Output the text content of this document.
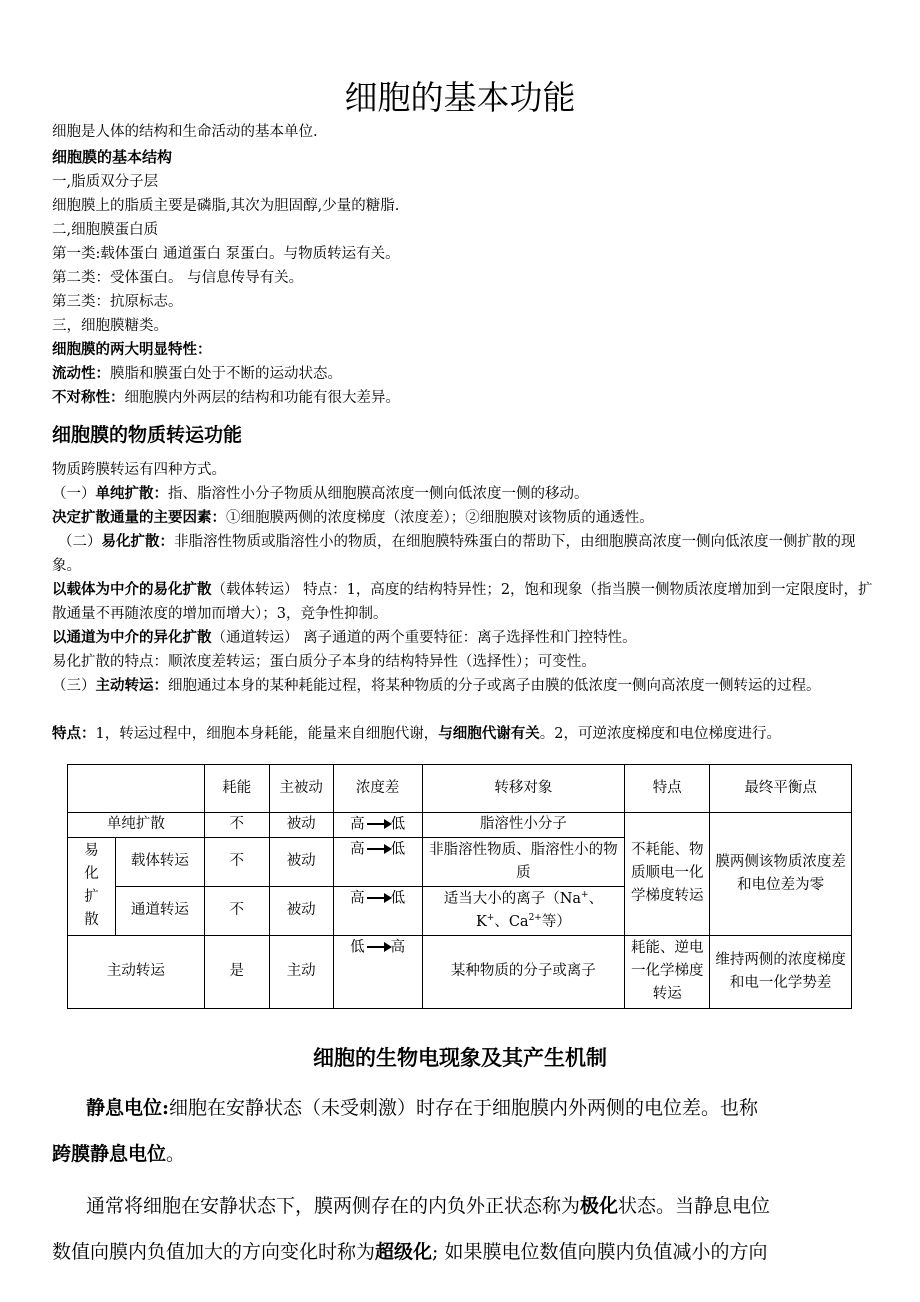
细胞的基本功能
细胞是人体的结构和生命活动的基本单位.
细胞膜的基本结构
一,脂质双分子层
细胞膜上的脂质主要是磷脂,其次为胆固醇,少量的糖脂.
二,细胞膜蛋白质
第一类:载体蛋白 通道蛋白 泵蛋白。与物质转运有关。
第二类：受体蛋白。 与信息传导有关。
第三类：抗原标志。
三，细胞膜糖类。
细胞膜的两大明显特性：
流动性：膜脂和膜蛋白处于不断的运动状态。
不对称性：细胞膜内外两层的结构和功能有很大差异。
细胞膜的物质转运功能
物质跨膜转运有四种方式。
（一）单纯扩散：指、脂溶性小分子物质从细胞膜高浓度一侧向低浓度一侧的移动。
决定扩散通量的主要因素：①细胞膜两侧的浓度梯度（浓度差）；②细胞膜对该物质的通透性。
（二）易化扩散：非脂溶性物质或脂溶性小的物质，在细胞膜特殊蛋白的帮助下，由细胞膜高浓度一侧向低浓度一侧扩散的现象。
以载体为中介的易化扩散（载体转运） 特点：1，高度的结构特异性；2，饱和现象（指当膜一侧物质浓度增加到一定限度时，扩散通量不再随浓度的增加而增大）；3，竞争性抑制。
以通道为中介的异化扩散（通道转运） 离子通道的两个重要特征：离子选择性和门控特性。
易化扩散的特点：顺浓度差转运；蛋白质分子本身的结构特异性（选择性）；可变性。
（三）主动转运：细胞通过本身的某种耗能过程，将某种物质的分子或离子由膜的低浓度一侧向高浓度一侧转运的过程。
特点：1，转运过程中，细胞本身耗能，能量来自细胞代谢，与细胞代谢有关。2，可逆浓度梯度和电位梯度进行。
		耗能	主被动	浓度差	转移对象	特点	最终平衡点
单纯扩散		不	被动	高 低	脂溶性小分子	不耗能、物质顺电一化学梯度转运	膜两侧该物质浓度差和电位差为零
易化扩散	载体转运	不	被动	高 低	非脂溶性物质、脂溶性小的物质		
	通道转运	不	被动	高 低	适当大小的离子（Na+、
K+、$Ca^{2+}$等）		
主动转运		是	主动	低 高	某种物质的分子或离子	耗能、逆电一化学梯度转运	维持两侧的浓度梯度和电一化学势差
细胞的生物电现象及其产生机制
静息电位:细胞在安静状态（未受刺激）时存在于细胞膜内外两侧的电位差。也称
跨膜静息电位。
通常将细胞在安静状态下，膜两侧存在的内负外正状态称为极化状态。当静息电位
数值向膜内负值加大的方向变化时称为超级化; 如果膜电位数值向膜内负值减小的方向
